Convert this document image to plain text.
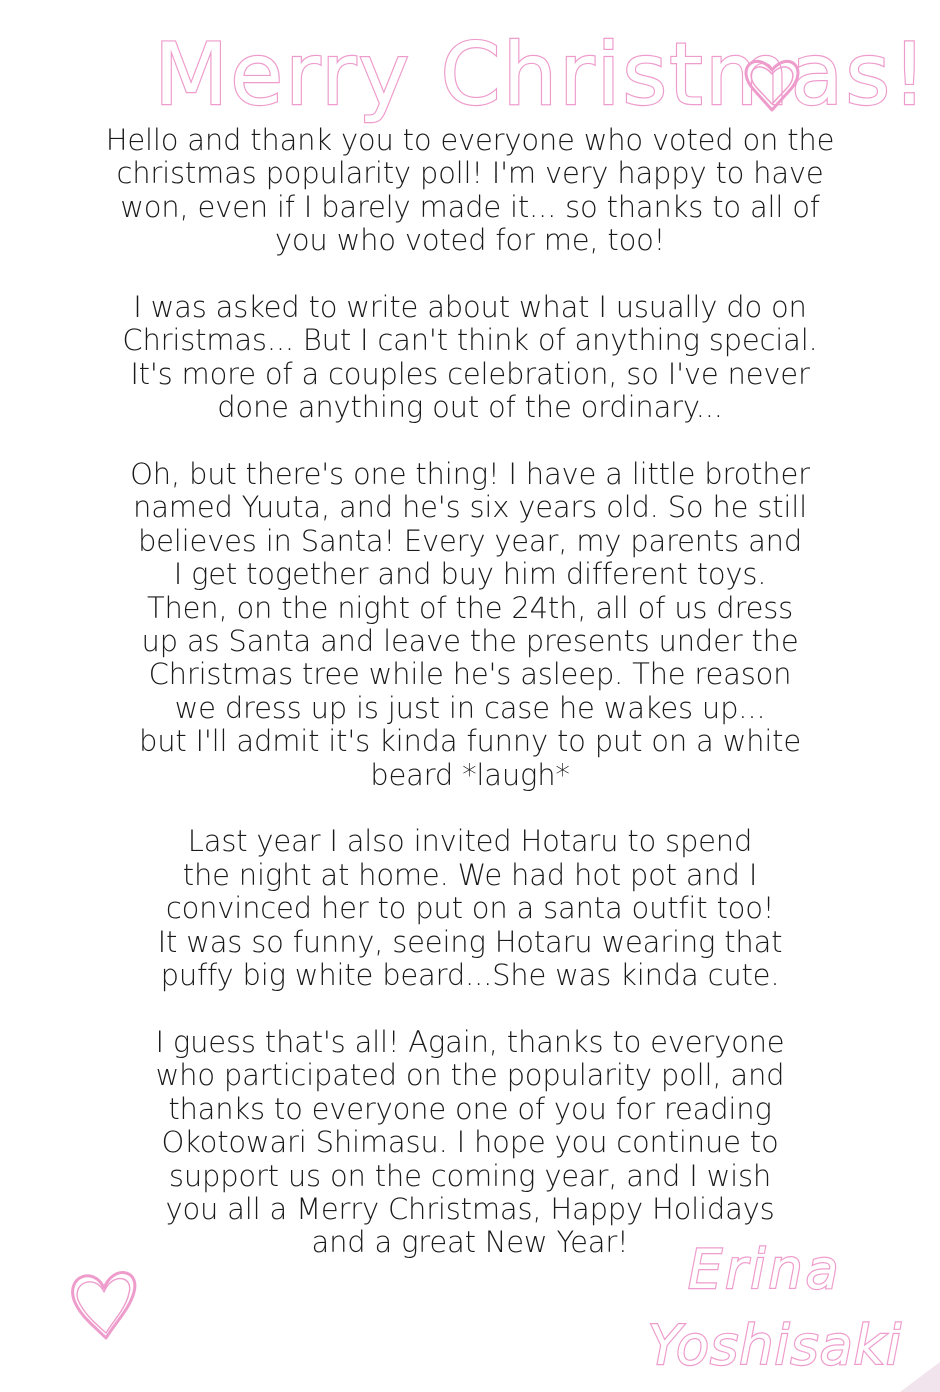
Merry Christmas!

Hello and thank you to everyone who voted on the
christmas popularity poll! I'm very happy to have
won, even if I barely made it... so thanks to all of
you who voted for me, too!

I was asked to write about what I usually do on
Christmas... But I can't think of anything special.
It's more of a couples celebration, so I've never
done anything out of the ordinary...

Oh, but there's one thing! I have a little brother
named Yuuta, and he's six years old. So he still
believes in Santa! Every year, my parents and
I get together and buy him different toys.
Then, on the night of the 24th, all of us dress
up as Santa and leave the presents under the
Christmas tree while he's asleep. The reason
we dress up is just in case he wakes up...
but I'll admit it's kinda funny to put on a white
beard *laugh*

Last year I also invited Hotaru to spend
the night at home. We had hot pot and I
convinced her to put on a santa outfit too!
It was so funny, seeing Hotaru wearing that
puffy big white beard...She was kinda cute.

I guess that's all! Again, thanks to everyone
who participated on the popularity poll, and
thanks to everyone one of you for reading
Okotowari Shimasu. I hope you continue to
support us on the coming year, and I wish
you all a Merry Christmas, Happy Holidays
and a great New Year!	Erina
Yoshisaki
